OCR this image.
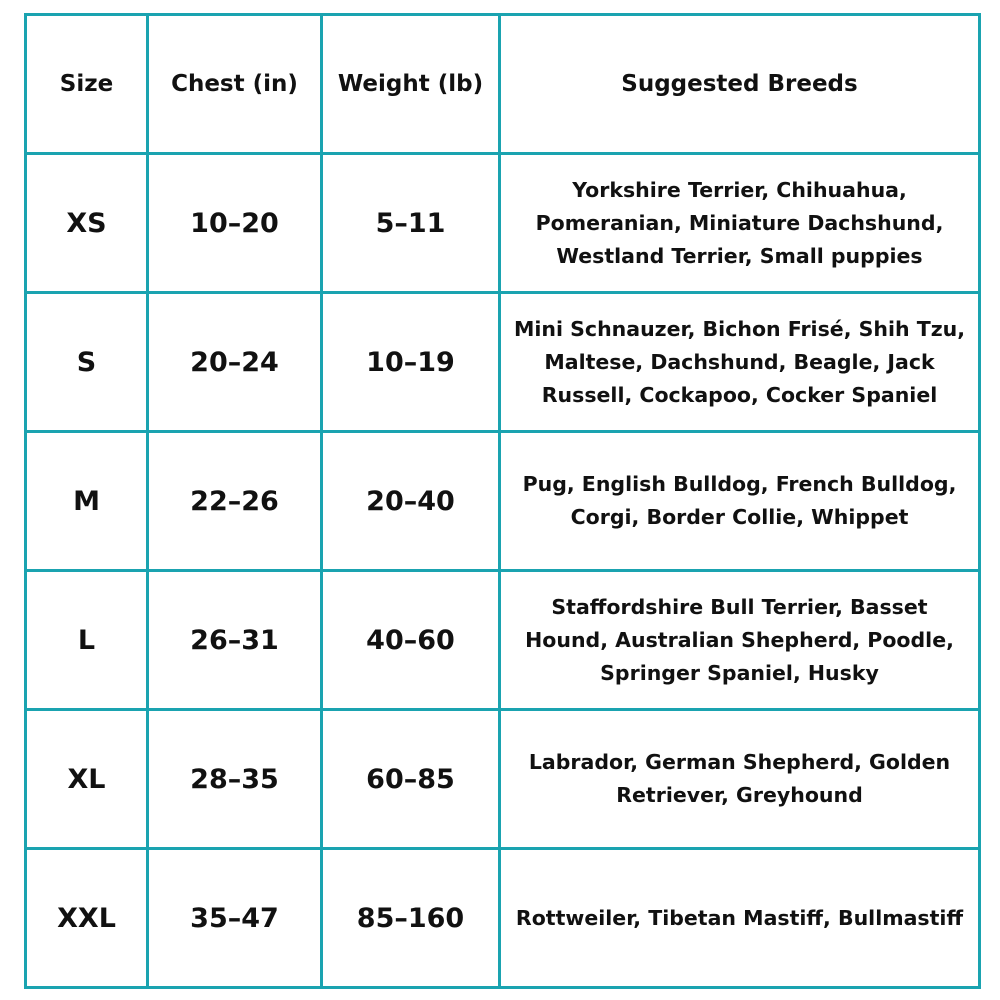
Size	Chest (in)	Weight (lb)	Suggested Breeds
XS	10–20	5–11	Yorkshire Terrier, Chihuahua,
Pomeranian, Miniature Dachshund,
Westland Terrier, Small puppies

S	20–24	10–19	Mini Schnauzer, Bichon Frisé, Shih Tzu,
Maltese, Dachshund, Beagle, Jack
Russell, Cockapoo, Cocker Spaniel

M	22–26	20–40	Pug, English Bulldog, French Bulldog,
Corgi, Border Collie, Whippet

L	26–31	40–60	Staffordshire Bull Terrier, Basset
Hound, Australian Shepherd, Poodle,
Springer Spaniel, Husky

XL	28–35	60–85	Labrador, German Shepherd, Golden
Retriever, Greyhound

XXL	35–47	85–160	Rottweiler, Tibetan Mastiff, Bullmastiff
